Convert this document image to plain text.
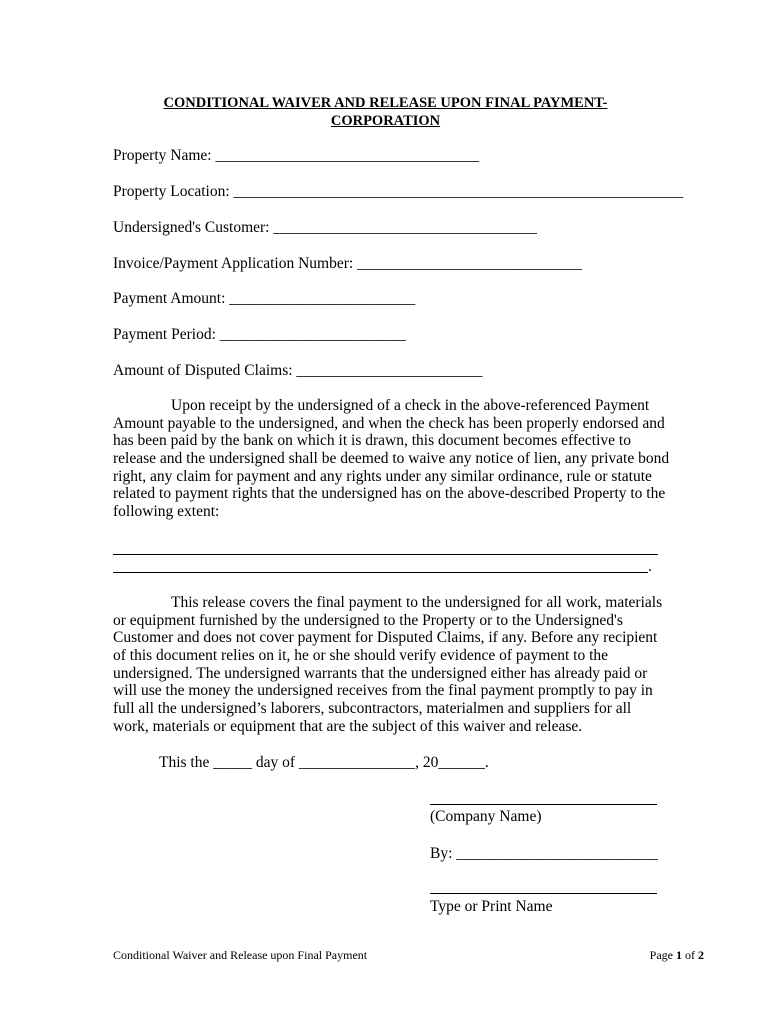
CONDITIONAL WAIVER AND RELEASE UPON FINAL PAYMENT-
CORPORATION
Property Name: __________________________________
Property Location: __________________________________________________________
Undersigned's Customer: __________________________________
Invoice/Payment Application Number: _____________________________
Payment Amount: ________________________
Payment Period: ________________________
Amount of Disputed Claims: ________________________
Upon receipt by the undersigned of a check in the above-referenced Payment
Amount payable to the undersigned, and when the check has been properly endorsed and
has been paid by the bank on which it is drawn, this document becomes effective to
release and the undersigned shall be deemed to waive any notice of lien, any private bond
right, any claim for payment and any rights under any similar ordinance, rule or statute
related to payment rights that the undersigned has on the above-described Property to the
following extent:
.
This release covers the final payment to the undersigned for all work, materials
or equipment furnished by the undersigned to the Property or to the Undersigned's
Customer and does not cover payment for Disputed Claims, if any. Before any recipient
of this document relies on it, he or she should verify evidence of payment to the
undersigned. The undersigned warrants that the undersigned either has already paid or
will use the money the undersigned receives from the final payment promptly to pay in
full all the undersigned’s laborers, subcontractors, materialmen and suppliers for all
work, materials or equipment that are the subject of this waiver and release.
This the _____ day of _______________, 20______.
(Company Name)
By: __________________________
Type or Print Name
Conditional Waiver and Release upon Final Payment	Page 1 of 2
